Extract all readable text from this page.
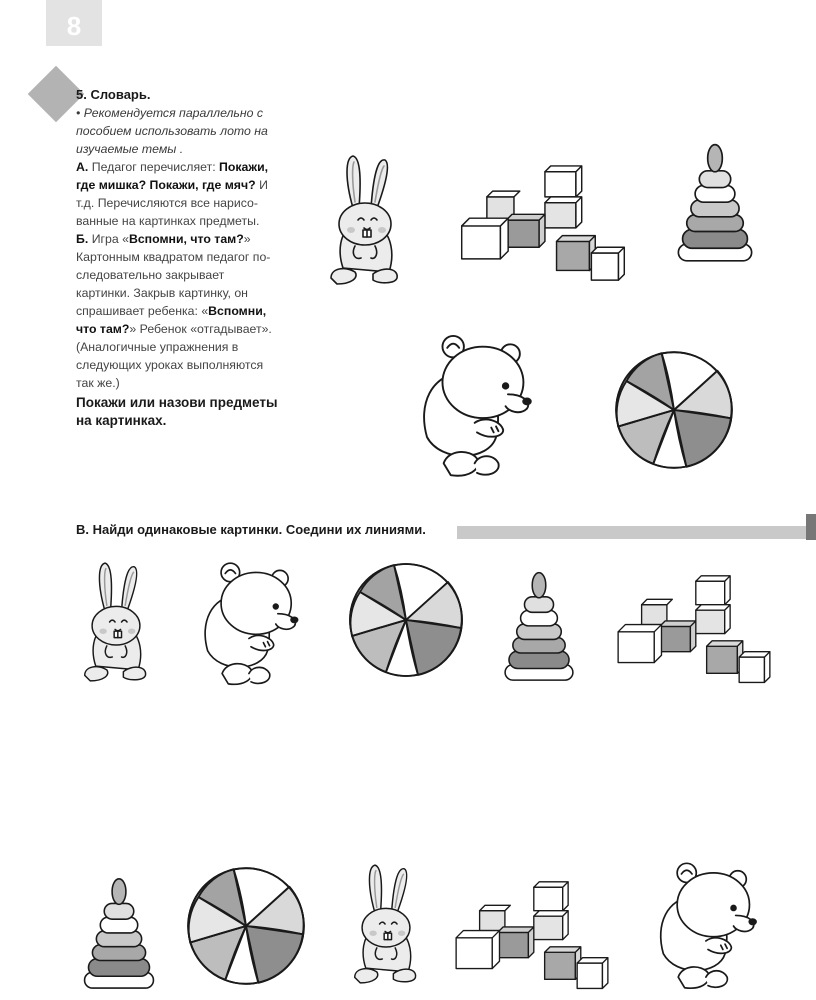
8

5. Словарь.

• Рекомендуется параллельно с пособием использовать лото на изучаемые темы .

А. Педагог перечисляет: Покажи, где мишка? Покажи, где мяч? И т.д. Перечисляются все нарисованные на картинках предметы.

Б. Игра «Вспомни, что там?»

Картонным квадратом педагог последовательно закрывает картинки. Закрыв картинку, он спрашивает ребенка: «Вспомни, что там?» Ребенок «отгадывает». (Аналогичные упражнения в следующих уроках выполняются так же.)

Покажи или назови предметы на картинках.

В. Найди одинаковые картинки. Соедини их линиями.
